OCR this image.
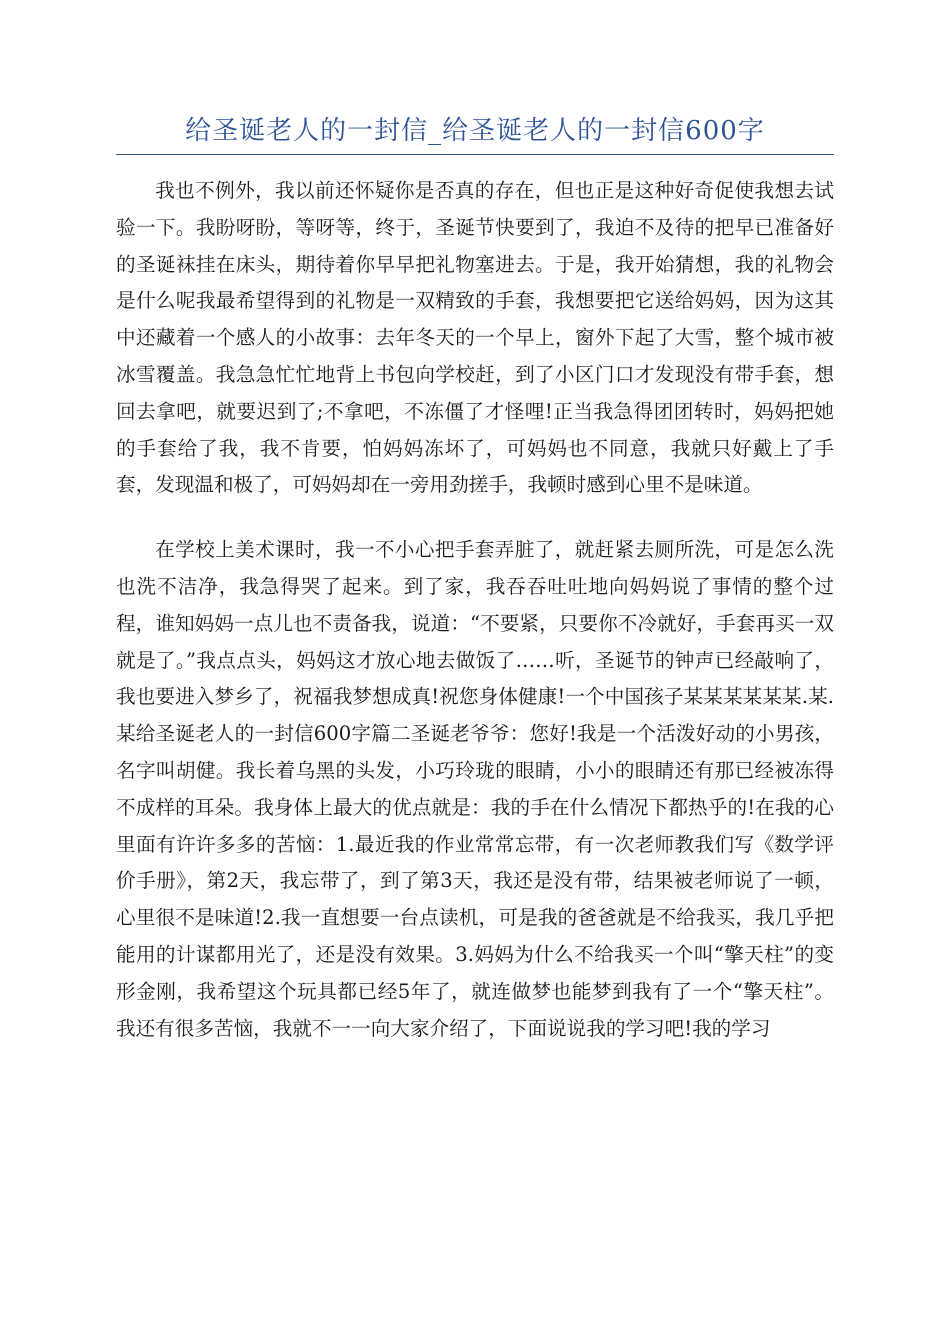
给圣诞老人的一封信_给圣诞老人的一封信600字

我也不例外，我以前还怀疑你是否真的存在，但也正是这种好奇促使我想去试验一下。我盼呀盼，等呀等，终于，圣诞节快要到了，我迫不及待的把早已准备好的圣诞袜挂在床头，期待着你早早把礼物塞进去。于是，我开始猜想，我的礼物会是什么呢我最希望得到的礼物是一双精致的手套，我想要把它送给妈妈，因为这其中还藏着一个感人的小故事：去年冬天的一个早上，窗外下起了大雪，整个城市被冰雪覆盖。我急急忙忙地背上书包向学校赶，到了小区门口才发现没有带手套，想回去拿吧，就要迟到了;不拿吧，不冻僵了才怪哩!正当我急得团团转时，妈妈把她的手套给了我，我不肯要，怕妈妈冻坏了，可妈妈也不同意，我就只好戴上了手套，发现温和极了，可妈妈却在一旁用劲搓手，我顿时感到心里不是味道。

在学校上美术课时，我一不小心把手套弄脏了，就赶紧去厕所洗，可是怎么洗也洗不洁净，我急得哭了起来。到了家，我吞吞吐吐地向妈妈说了事情的整个过程，谁知妈妈一点儿也不责备我，说道：“不要紧，只要你不冷就好，手套再买一双就是了。”我点点头，妈妈这才放心地去做饭了……听，圣诞节的钟声已经敲响了，我也要进入梦乡了，祝福我梦想成真!祝您身体健康!一个中国孩子某某某某某某.某.某给圣诞老人的一封信600字篇二圣诞老爷爷：您好!我是一个活泼好动的小男孩，名字叫胡健。我长着乌黑的头发，小巧玲珑的眼睛，小小的眼睛还有那已经被冻得不成样的耳朵。我身体上最大的优点就是：我的手在什么情况下都热乎的!在我的心里面有许许多多的苦恼：1.最近我的作业常常忘带，有一次老师教我们写《数学评价手册》，第2天，我忘带了，到了第3天，我还是没有带，结果被老师说了一顿，心里很不是味道!2.我一直想要一台点读机，可是我的爸爸就是不给我买，我几乎把能用的计谋都用光了，还是没有效果。3.妈妈为什么不给我买一个叫“擎天柱”的变形金刚，我希望这个玩具都已经5年了，就连做梦也能梦到我有了一个“擎天柱”。我还有很多苦恼，我就不一一向大家介绍了，下面说说我的学习吧!我的学习
